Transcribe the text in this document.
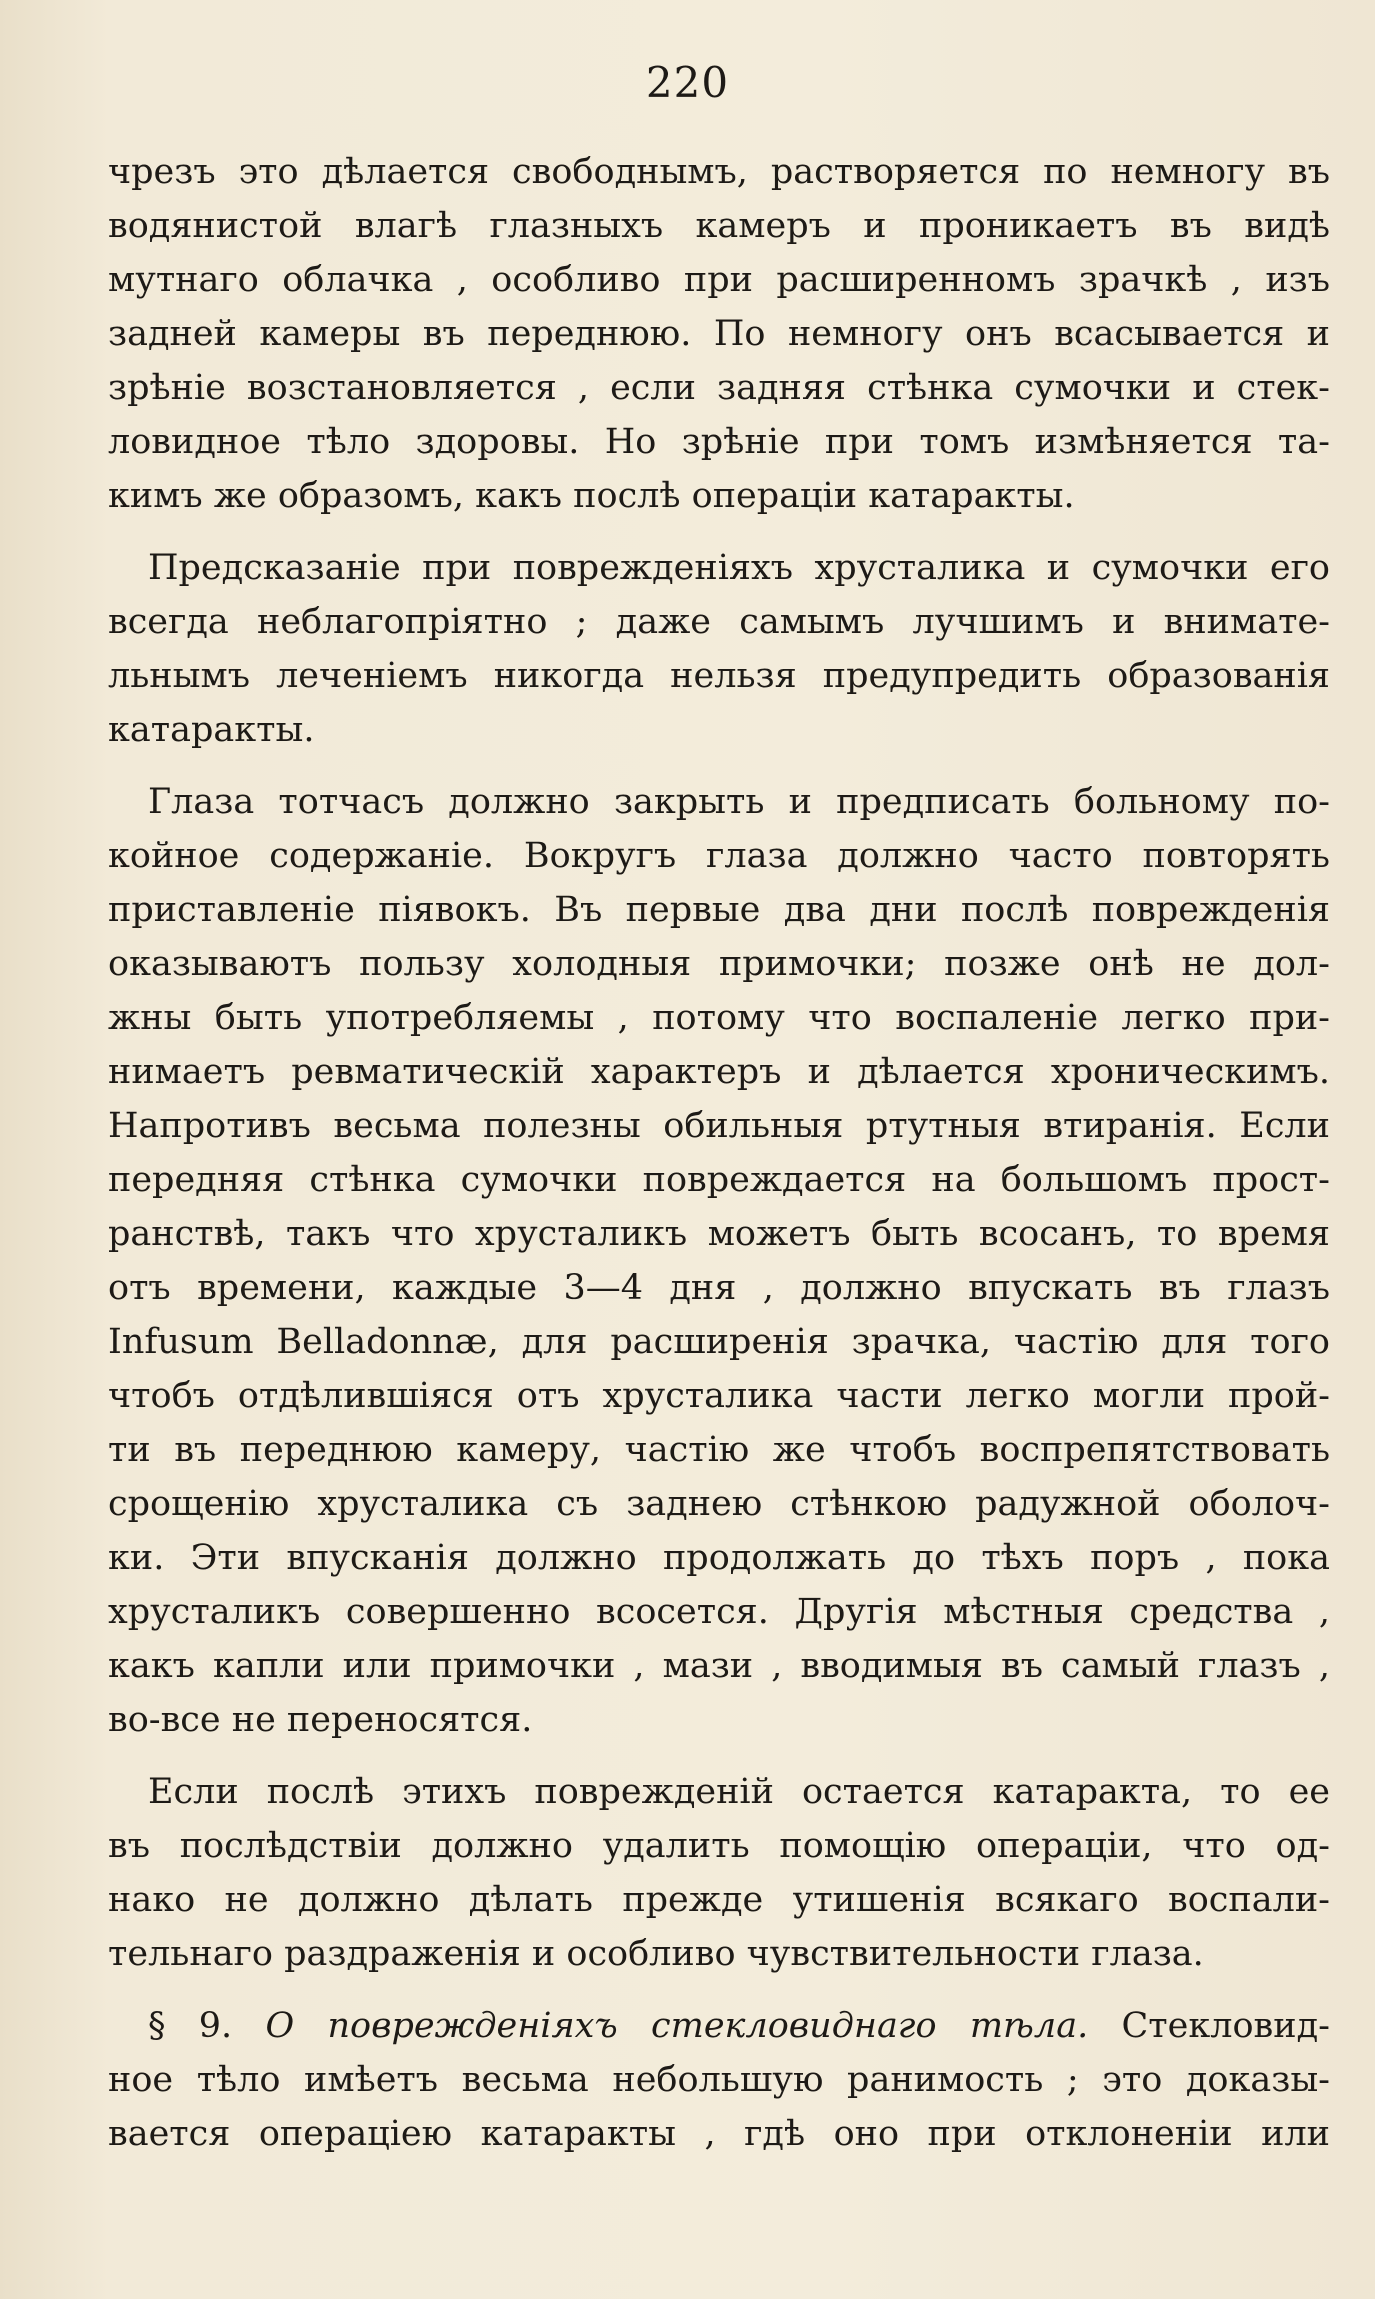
220
чрезъ это дѣлается свободнымъ, растворяется по немногу въ
водянистой влагѣ глазныхъ камеръ и проникаетъ въ видѣ
мутнаго облачка , особливо при расширенномъ зрачкѣ , изъ
задней камеры въ переднюю. По немногу онъ всасывается и
зрѣніе возстановляется , если задняя стѣнка сумочки и стек-
ловидное тѣло здоровы. Но зрѣніе при томъ измѣняется та-
кимъ же образомъ, какъ послѣ операціи катаракты.
Предсказаніе при поврежденіяхъ хрусталика и сумочки его
всегда неблагопріятно ; даже самымъ лучшимъ и внимате-
льнымъ леченіемъ никогда нельзя предупредить образованія
катаракты.
Глаза тотчасъ должно закрыть и предписать больному по-
койное содержаніе. Вокругъ глаза должно часто повторять
приставленіе піявокъ. Въ первые два дни послѣ поврежденія
оказываютъ пользу холодныя примочки; позже онѣ не дол-
жны быть употребляемы , потому что воспаленіе легко при-
нимаетъ ревматическій характеръ и дѣлается хроническимъ.
Напротивъ весьма полезны обильныя ртутныя втиранія. Если
передняя стѣнка сумочки повреждается на большомъ прост-
ранствѣ, такъ что хрусталикъ можетъ быть всосанъ, то время
отъ времени, каждые 3—4 дня , должно впускать въ глазъ
Infusum Belladonnæ, для расширенія зрачка, частію для того
чтобъ отдѣлившіяся отъ хрусталика части легко могли прой-
ти въ переднюю камеру, частію же чтобъ воспрепятствовать
срощенію хрусталика съ заднею стѣнкою радужной оболоч-
ки. Эти впусканія должно продолжать до тѣхъ поръ , пока
хрусталикъ совершенно всосется. Другія мѣстныя средства ,
какъ капли или примочки , мази , вводимыя въ самый глазъ ,
во-все не переносятся.
Если послѣ этихъ поврежденій остается катаракта, то ее
въ послѣдствіи должно удалить помощію операціи, что од-
нако не должно дѣлать прежде утишенія всякаго воспали-
тельнаго раздраженія и особливо чувствительности глаза.
§ 9. О поврежденіяхъ стекловиднаго тѣла. Стекловид-
ное тѣло имѣетъ весьма небольшую ранимость ; это доказы-
вается операціею катаракты , гдѣ оно при отклоненіи или
